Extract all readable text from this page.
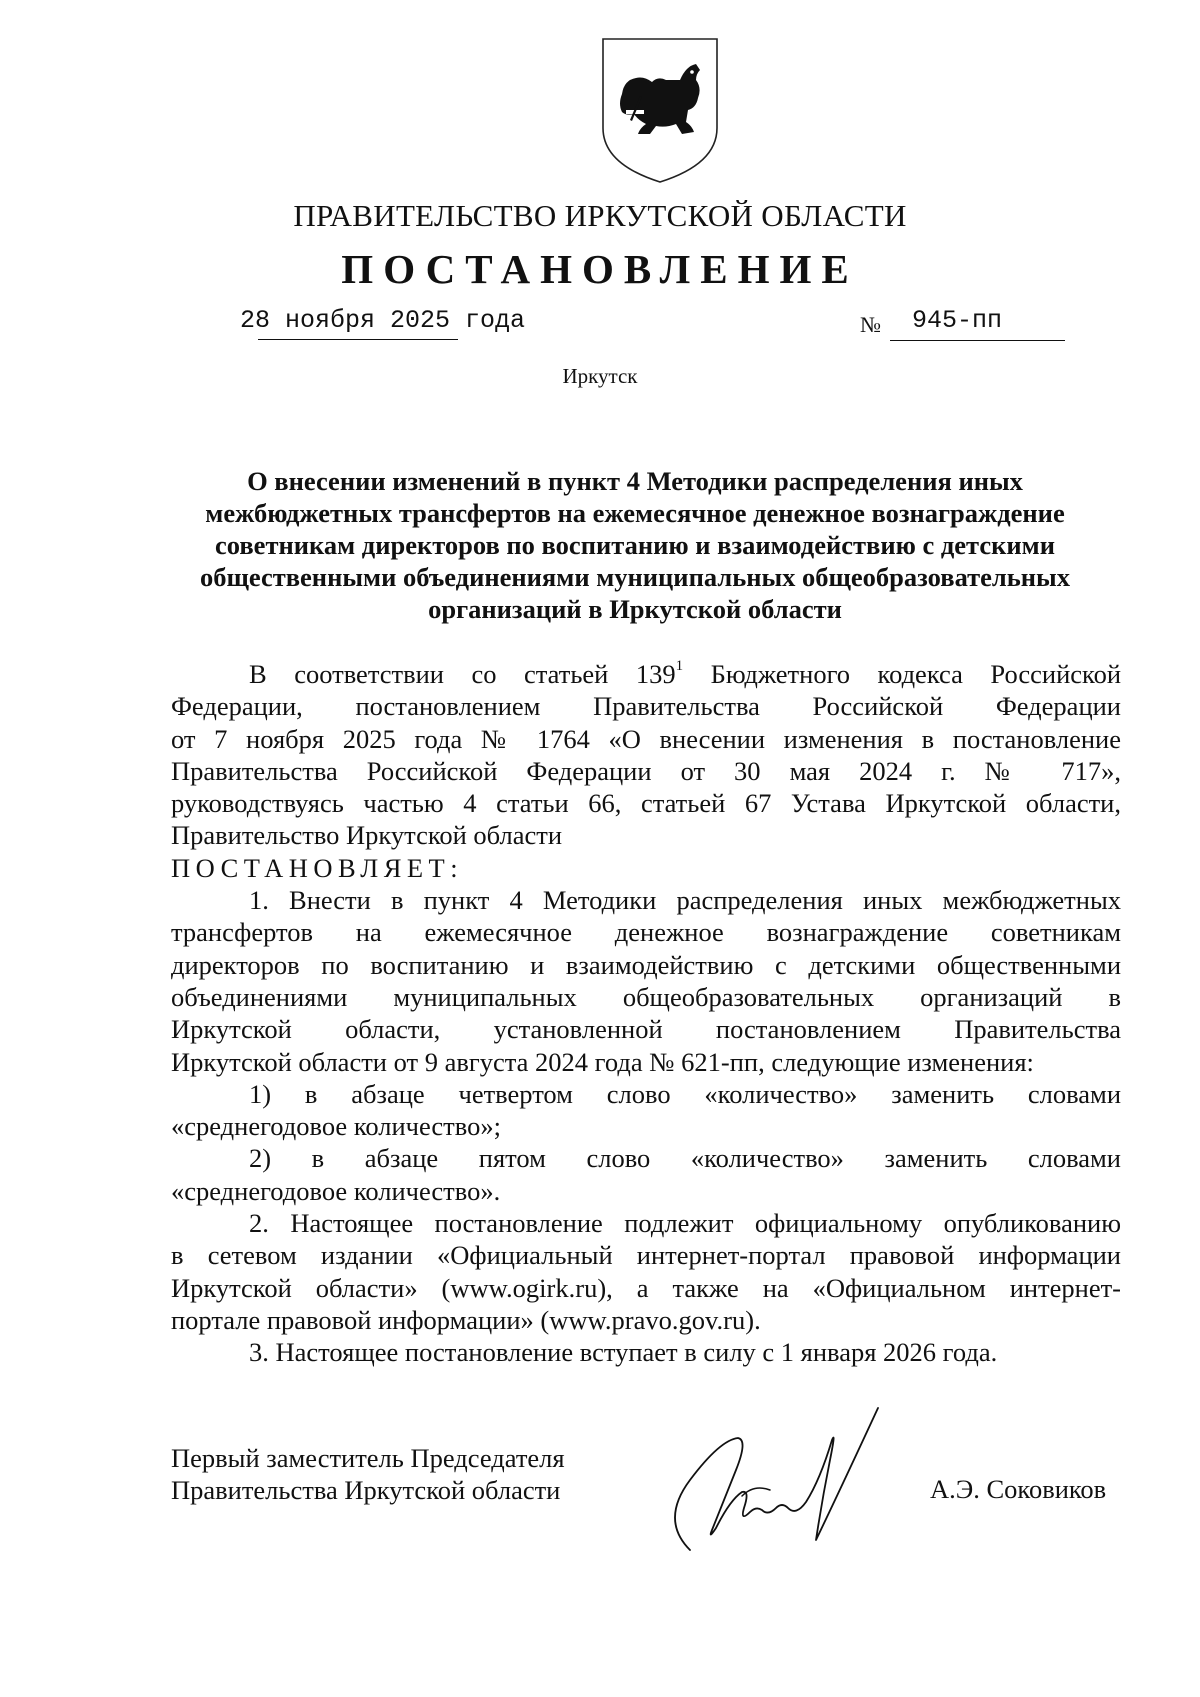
ПРАВИТЕЛЬСТВО ИРКУТСКОЙ ОБЛАСТИ
ПОСТАНОВЛЕНИЕ
28 ноября 2025 года	№ 945-пп
Иркутск
О внесении изменений в пункт 4 Методики распределения иных
межбюджетных трансфертов на ежемесячное денежное вознаграждение
советникам директоров по воспитанию и взаимодействию с детскими
общественными объединениями муниципальных общеобразовательных
организаций в Иркутской области
В соответствии со статьей $139^1$ Бюджетного кодекса Российской
Федерации, постановлением Правительства Российской Федерации
от 7 ноября 2025 года № 1764 «О внесении изменения в постановление
Правительства Российской Федерации от 30 мая 2024 г. № 717»,
руководствуясь частью 4 статьи 66, статьей 67 Устава Иркутской области,
Правительство Иркутской области
ПОСТАНОВЛЯЕТ:
1. Внести в пункт 4 Методики распределения иных межбюджетных
трансфертов на ежемесячное денежное вознаграждение советникам
директоров по воспитанию и взаимодействию с детскими общественными
объединениями муниципальных общеобразовательных организаций в
Иркутской области, установленной постановлением Правительства
Иркутской области от 9 августа 2024 года № 621-пп, следующие изменения:
1) в абзаце четвертом слово «количество» заменить словами
«среднегодовое количество»;
2) в абзаце пятом слово «количество» заменить словами
«среднегодовое количество».
2. Настоящее постановление подлежит официальному опубликованию
в сетевом издании «Официальный интернет-портал правовой информации
Иркутской области» (www.ogirk.ru), а также на «Официальном интернет-
портале правовой информации» (www.pravo.gov.ru).
3. Настоящее постановление вступает в силу с 1 января 2026 года.
Первый заместитель Председателя
Правительства Иркутской области	А.Э. Соковиков
